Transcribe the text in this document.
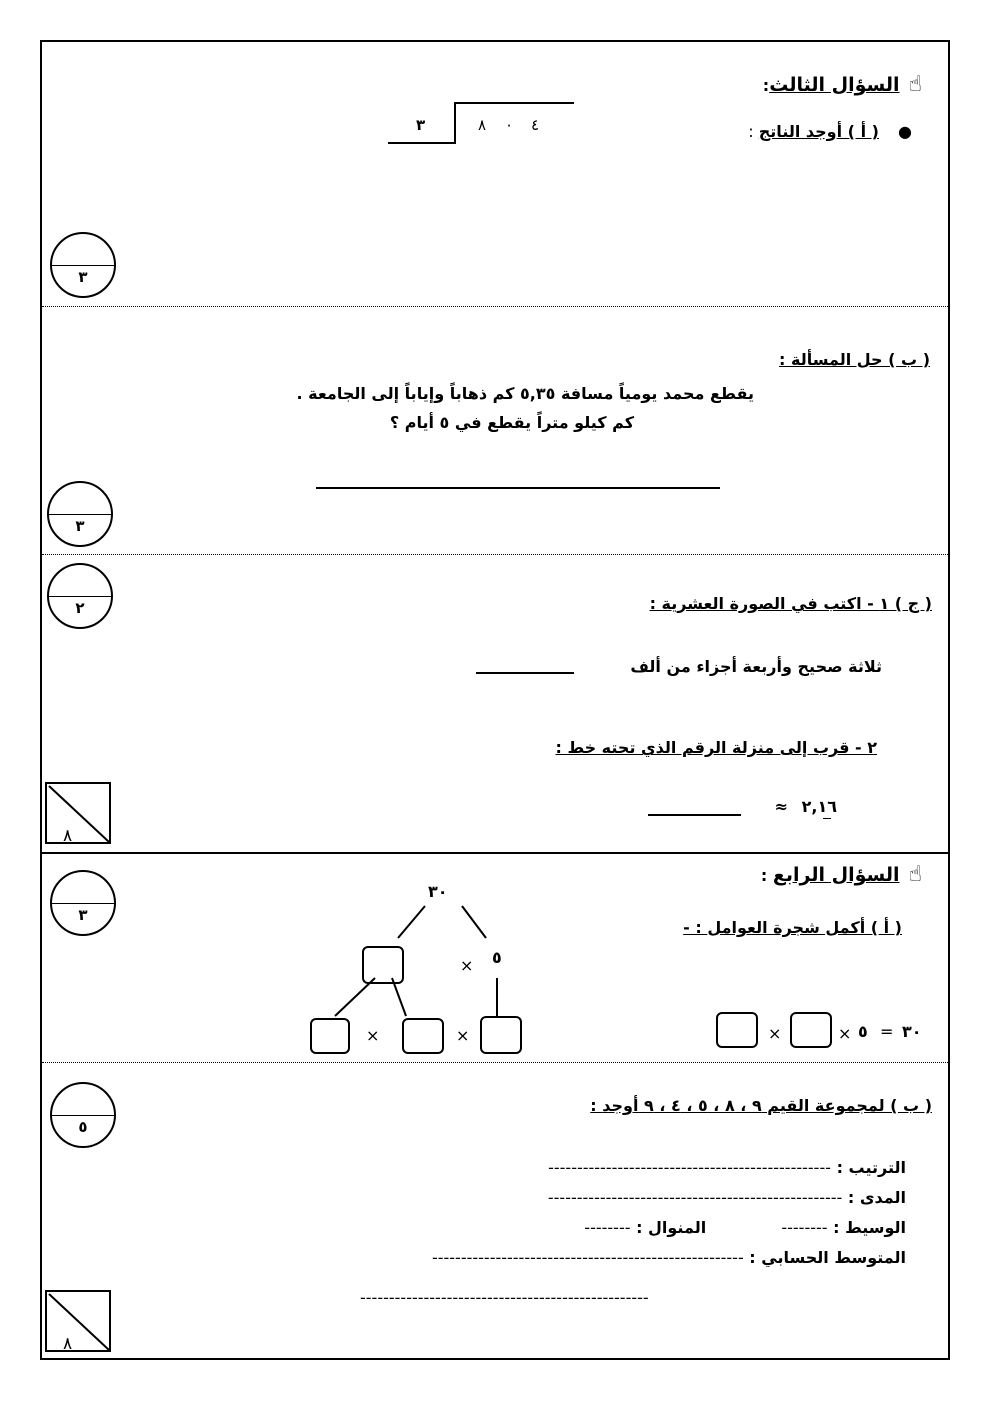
☝ السؤال الثالث:
● ( أ ) أوجد الناتج :
٣	٨ ٠ ٤
٣
( ب ) حل المسألة :
يقطع محمد يومياً مسافة ٥,٣٥ كم ذهاباً وإياباً إلى الجامعة .
كم كيلو متراً يقطع في ٥ أيام ؟
٣
٢	( ج ) ١ - اكتب في الصورة العشرية :
ثلاثة صحيح وأربعة أجزاء من ألف
٢ - قرب إلى منزلة الرقم الذي تحته خط :
٢,١٦ ≈
٨
☝ السؤال الرابع :
( أ ) أكمل شجرة العوامل : -
٣
٣٠
× ٥
×	×	×	× ٥ = ٣٠
٥
( ب ) لمجموعة القيم ٩ ، ٨ ، ٥ ، ٤ ، ٩ أوجد :
الترتيب : -------------------------------------------------
المدى : ---------------------------------------------------
الوسيط : --------  المنوال : --------
المتوسط الحسابي : ------------------------------------------------------
--------------------------------------------------
٨
